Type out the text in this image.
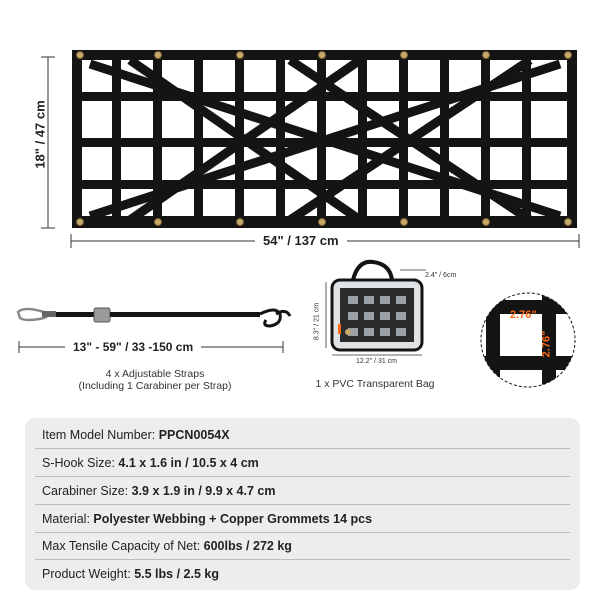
18" / 47 cm
54" / 137 cm
13" - 59" / 33 -150 cm
4 x Adjustable Straps
(Including 1 Carabiner per Strap)
8.3" / 21 cm
12.2" / 31 cm
2.4" / 6cm
1 x PVC Transparent Bag
2.76"
2.76"
Item Model Number: PPCN0054X
S-Hook Size: 4.1 x 1.6 in / 10.5 x 4 cm
Carabiner Size: 3.9 x 1.9 in / 9.9 x 4.7 cm
Material: Polyester Webbing + Copper Grommets 14 pcs
Max Tensile Capacity of Net: 600lbs / 272 kg
Product Weight: 5.5 lbs / 2.5 kg
